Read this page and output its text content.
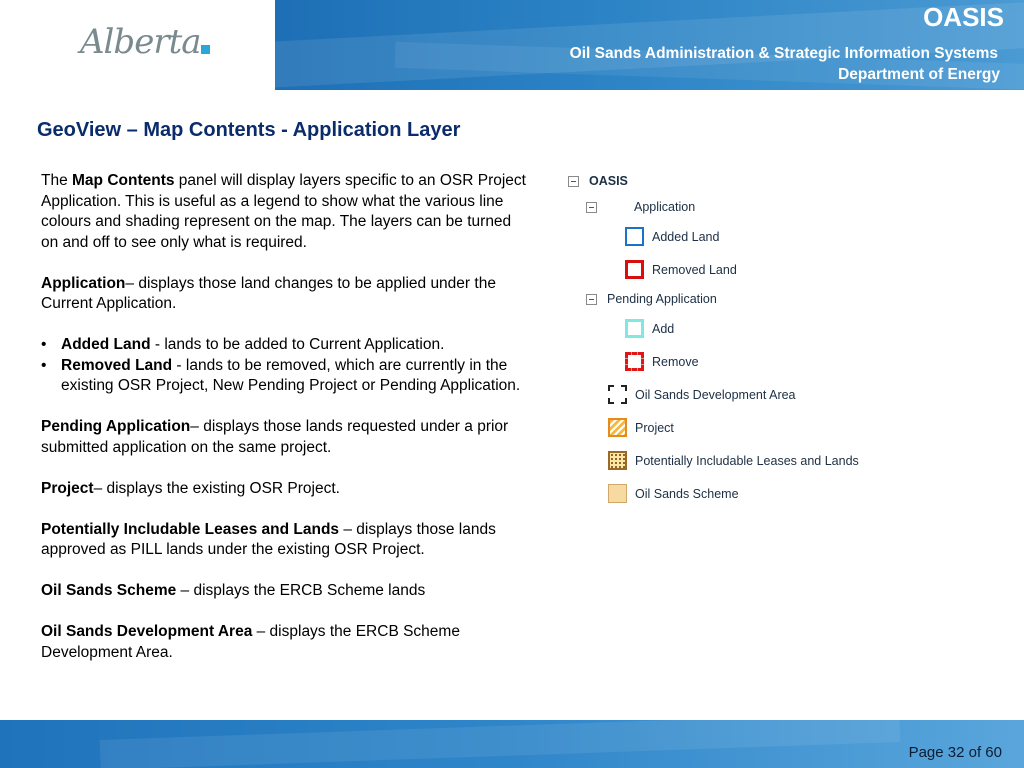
Alberta
OASIS
Oil Sands Administration & Strategic Information Systems
Department of Energy
GeoView – Map Contents - Application Layer

The Map Contents panel will display layers specific to an OSR Project Application. This is useful as a legend to show what the various line colours and shading represent on the map. The layers can be turned on and off to see only what is required.

Application– displays those land changes to be applied under the Current Application.

• Added Land - lands to be added to Current Application.
• Removed Land - lands to be removed, which are currently in the existing OSR Project, New Pending Project or Pending Application.

Pending Application– displays those lands requested under a prior submitted application on the same project.

Project– displays the existing OSR Project.

Potentially Includable Leases and Lands – displays those lands approved as PILL lands under the existing OSR Project.

Oil Sands Scheme – displays the ERCB Scheme lands

Oil Sands Development Area – displays the ERCB Scheme Development Area.

OASIS
Application
Added Land
Removed Land
Pending Application
Add
Remove
Oil Sands Development Area
Project
Potentially Includable Leases and Lands
Oil Sands Scheme
Page 32 of 60
